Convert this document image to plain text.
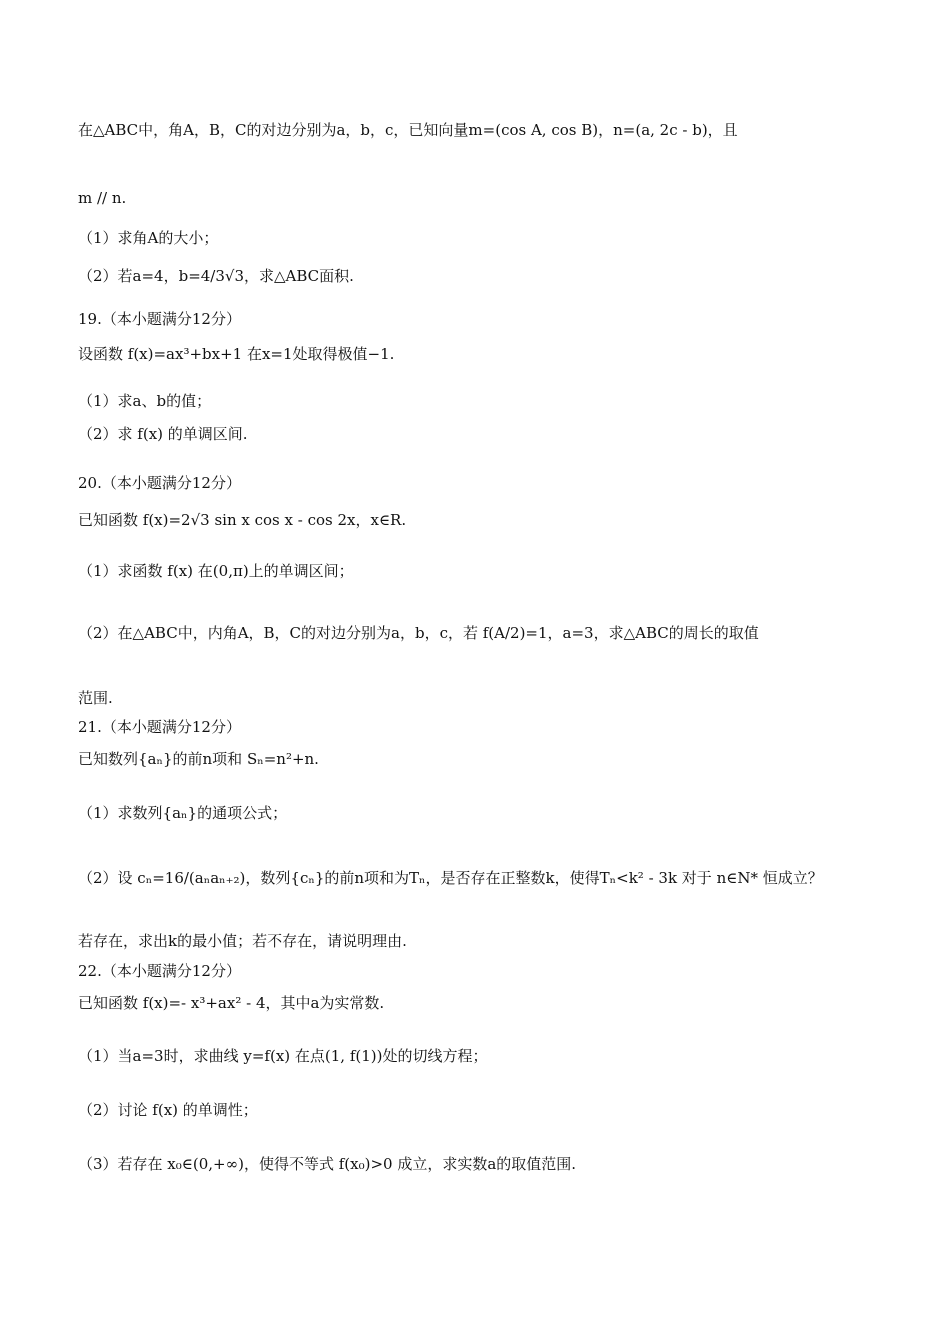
在△ABC中，角A，B，C的对边分别为a，b，c，已知向量m=(cos A, cos B)，n=(a, 2c - b)，且
m // n.
（1）求角A的大小；
（2）若a=4，b=4/3√3，求△ABC面积.
19.（本小题满分12分）
设函数 f(x)=ax³+bx+1 在x=1处取得极值−1.
（1）求a、b的值；
（2）求 f(x) 的单调区间.
20.（本小题满分12分）
已知函数 f(x)=2√3 sin x cos x - cos 2x，x∈R.
（1）求函数 f(x) 在(0,π)上的单调区间；
（2）在△ABC中，内角A，B，C的对边分别为a，b，c，若 f(A/2)=1，a=3，求△ABC的周长的取值
范围.
21.（本小题满分12分）
已知数列{aₙ}的前n项和 Sₙ=n²+n.
（1）求数列{aₙ}的通项公式；
（2）设 cₙ=16/(aₙaₙ₊₂)，数列{cₙ}的前n项和为Tₙ，是否存在正整数k，使得Tₙ<k² - 3k 对于 n∈N* 恒成立？
若存在，求出k的最小值；若不存在，请说明理由.
22.（本小题满分12分）
已知函数 f(x)=- x³+ax² - 4，其中a为实常数.
（1）当a=3时，求曲线 y=f(x) 在点(1, f(1))处的切线方程；
（2）讨论 f(x) 的单调性；
（3）若存在 x₀∈(0,+∞)，使得不等式 f(x₀)>0 成立，求实数a的取值范围.
